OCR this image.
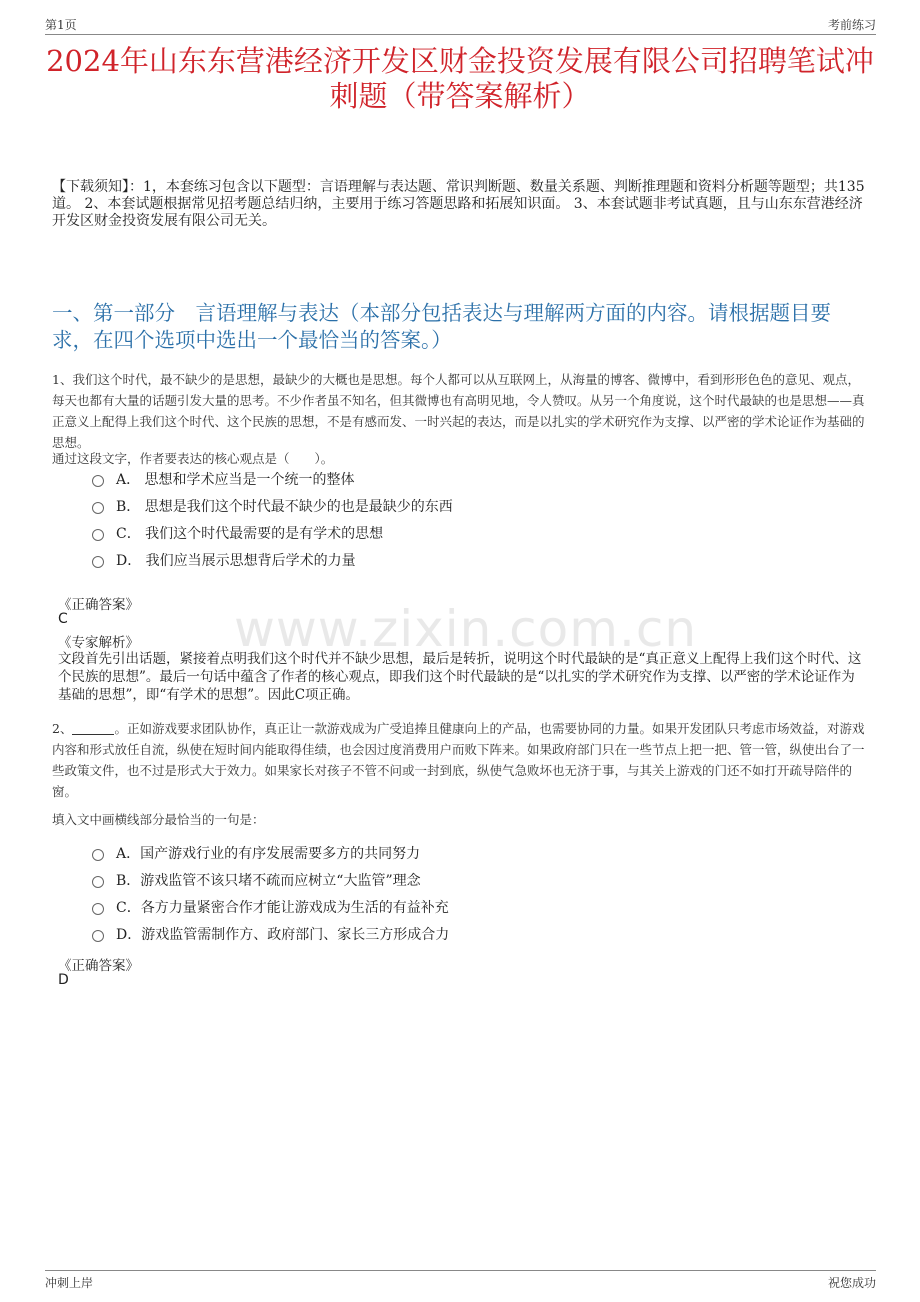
第1页	考前练习
2024年山东东营港经济开发区财金投资发展有限公司招聘笔试冲刺题（带答案解析）
【下载须知】：1，本套练习包含以下题型：言语理解与表达题、常识判断题、数量关系题、判断推理题和资料分析题等题型；共135道。 2、本套试题根据常见招考题总结归纳，主要用于练习答题思路和拓展知识面。 3、本套试题非考试真题，且与山东东营港经济开发区财金投资发展有限公司无关。
一、第一部分　言语理解与表达（本部分包括表达与理解两方面的内容。请根据题目要求，在四个选项中选出一个最恰当的答案。）
1、我们这个时代，最不缺少的是思想，最缺少的大概也是思想。每个人都可以从互联网上，从海量的博客、微博中，看到形形色色的意见、观点，每天也都有大量的话题引发大量的思考。不少作者虽不知名，但其微博也有高明见地，令人赞叹。从另一个角度说，这个时代最缺的也是思想——真正意义上配得上我们这个时代、这个民族的思想，不是有感而发、一时兴起的表达，而是以扎实的学术研究作为支撑、以严密的学术论证作为基础的思想。
通过这段文字，作者要表达的核心观点是（　　）。
A． 思想和学术应当是一个统一的整体
B． 思想是我们这个时代最不缺少的也是最缺少的东西
C． 我们这个时代最需要的是有学术的思想
D． 我们应当展示思想背后学术的力量
《正确答案》
C
《专家解析》
文段首先引出话题，紧接着点明我们这个时代并不缺少思想，最后是转折，说明这个时代最缺的是“真正意义上配得上我们这个时代、这个民族的思想”。最后一句话中蕴含了作者的核心观点，即我们这个时代最缺的是“以扎实的学术研究作为支撑、以严密的学术论证作为基础的思想”，即“有学术的思想”。因此C项正确。
www.zixin.com.cn
2、	。正如游戏要求团队协作，真正让一款游戏成为广受追捧且健康向上的产品，也需要协同的力量。如果开发团队只考虑市场效益，对游戏内容和形式放任自流，纵使在短时间内能取得佳绩，也会因过度消费用户而败下阵来。如果政府部门只在一些节点上把一把、管一管，纵使出台了一些政策文件，也不过是形式大于效力。如果家长对孩子不管不问或一封到底，纵使气急败坏也无济于事，与其关上游戏的门还不如打开疏导陪伴的窗。
填入文中画横线部分最恰当的一句是：
A．国产游戏行业的有序发展需要多方的共同努力
B．游戏监管不该只堵不疏而应树立“大监管”理念
C．各方力量紧密合作才能让游戏成为生活的有益补充
D．游戏监管需制作方、政府部门、家长三方形成合力
《正确答案》
D
冲刺上岸	祝您成功
